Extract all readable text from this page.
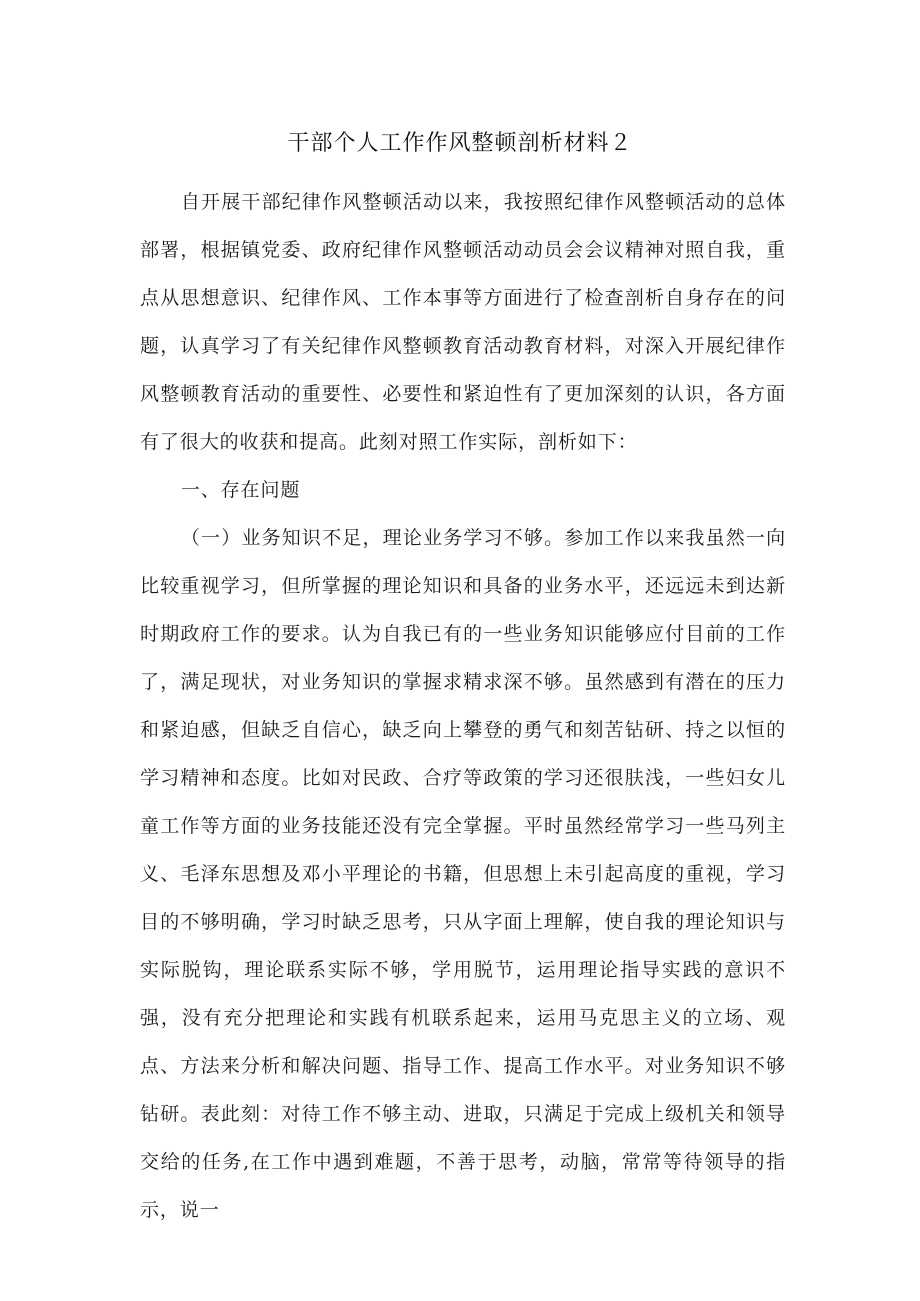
干部个人工作作风整顿剖析材料２

自开展干部纪律作风整顿活动以来，我按照纪律作风整顿活动的总体部署，根据镇党委、政府纪律作风整顿活动动员会会议精神对照自我，重点从思想意识、纪律作风、工作本事等方面进行了检查剖析自身存在的问题，认真学习了有关纪律作风整顿教育活动教育材料，对深入开展纪律作风整顿教育活动的重要性、必要性和紧迫性有了更加深刻的认识，各方面有了很大的收获和提高。此刻对照工作实际，剖析如下：

一、存在问题

（一）业务知识不足，理论业务学习不够。参加工作以来我虽然一向比较重视学习，但所掌握的理论知识和具备的业务水平，还远远未到达新时期政府工作的要求。认为自我已有的一些业务知识能够应付目前的工作了，满足现状，对业务知识的掌握求精求深不够。虽然感到有潜在的压力和紧迫感，但缺乏自信心，缺乏向上攀登的勇气和刻苦钻研、持之以恒的学习精神和态度。比如对民政、合疗等政策的学习还很肤浅，一些妇女儿童工作等方面的业务技能还没有完全掌握。平时虽然经常学习一些马列主义、毛泽东思想及邓小平理论的书籍，但思想上未引起高度的重视，学习目的不够明确，学习时缺乏思考，只从字面上理解，使自我的理论知识与实际脱钩，理论联系实际不够，学用脱节，运用理论指导实践的意识不强，没有充分把理论和实践有机联系起来，运用马克思主义的立场、观点、方法来分析和解决问题、指导工作、提高工作水平。对业务知识不够钻研。表此刻：对待工作不够主动、进取，只满足于完成上级机关和领导交给的任务,在工作中遇到难题，不善于思考，动脑，常常等待领导的指示，说一
